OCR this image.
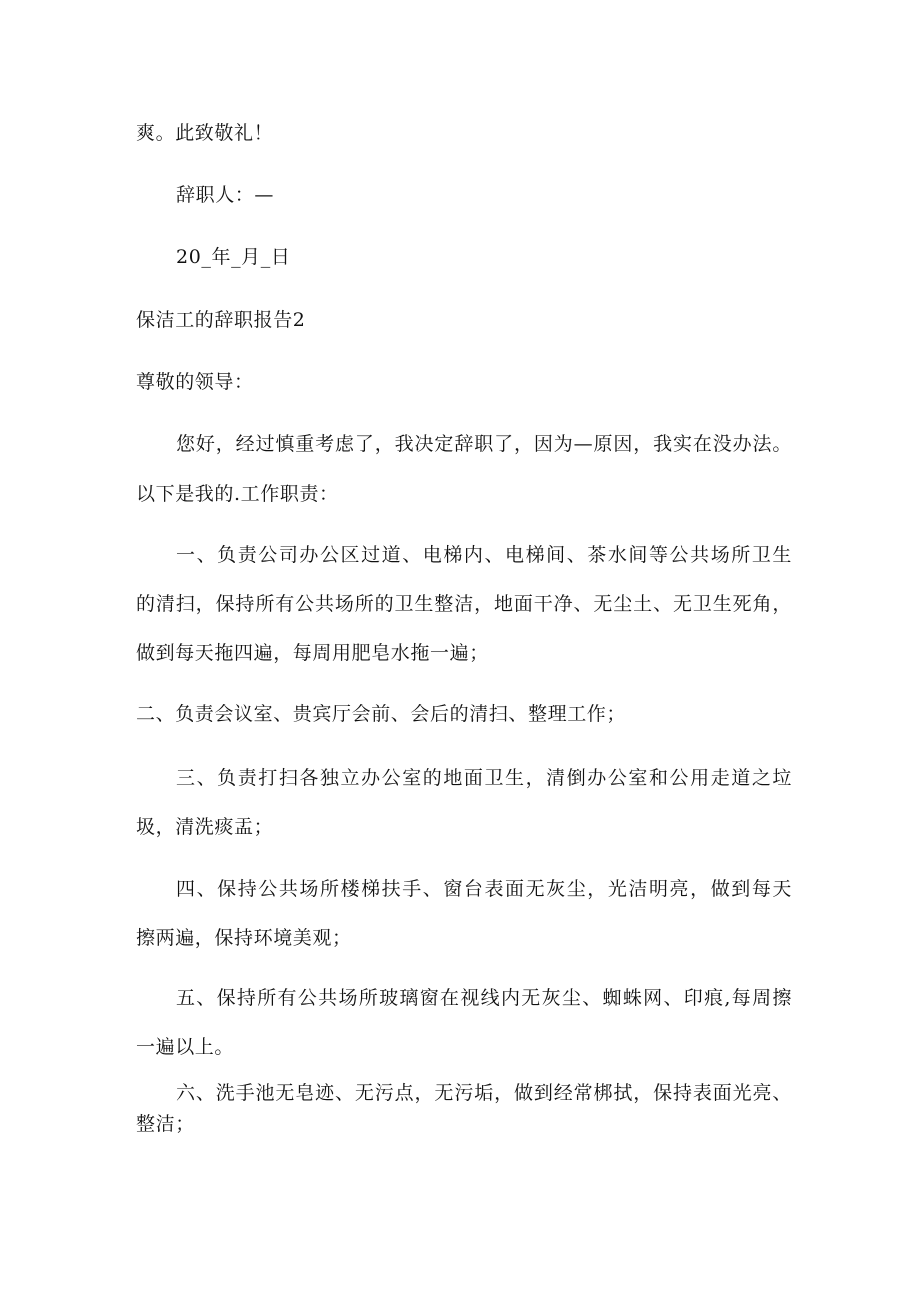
爽。此致敬礼！
辞职人：—
20_年_月_日
保洁工的辞职报告2
尊敬的领导：
您好，经过慎重考虑了，我决定辞职了，因为—原因，我实在没办法。
以下是我的.工作职责：
一、负责公司办公区过道、电梯内、电梯间、茶水间等公共场所卫生
的清扫，保持所有公共场所的卫生整洁，地面干净、无尘土、无卫生死角，
做到每天拖四遍，每周用肥皂水拖一遍；
二、负责会议室、贵宾厅会前、会后的清扫、整理工作；
三、负责打扫各独立办公室的地面卫生，清倒办公室和公用走道之垃
圾，清洗痰盂；
四、保持公共场所楼梯扶手、窗台表面无灰尘，光洁明亮，做到每天
擦两遍，保持环境美观；
五、保持所有公共场所玻璃窗在视线内无灰尘、蜘蛛网、印痕,每周擦
一遍以上。
六、洗手池无皂迹、无污点，无污垢，做到经常梆拭，保持表面光亮、
整洁；
